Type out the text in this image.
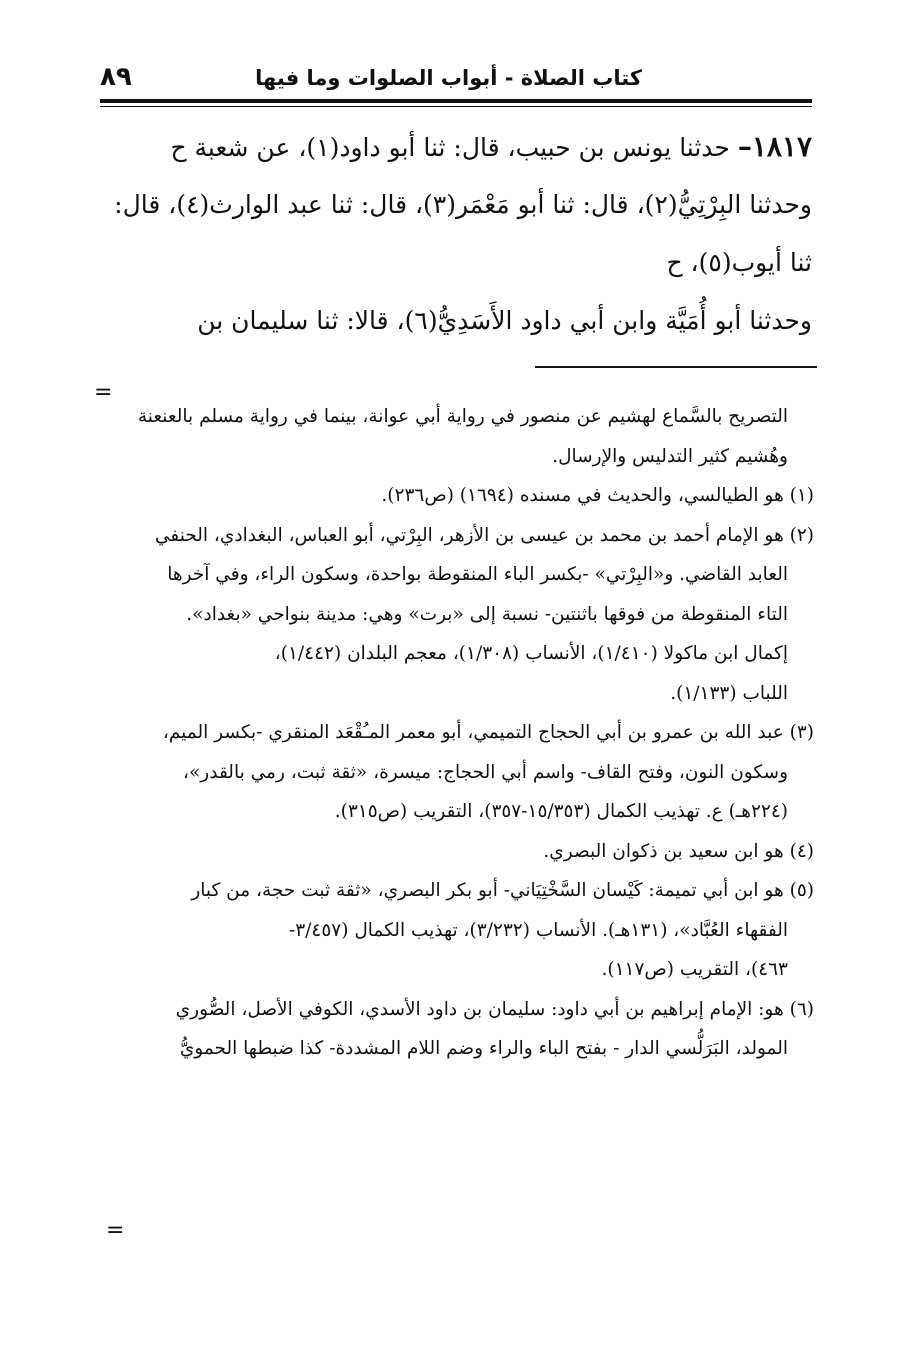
كتاب الصلاة - أبواب الصلوات وما فيها
٨٩
١٨١٧– حدثنا يونس بن حبيب، قال: ثنا أبو داود(١)، عن شعبة ح
وحدثنا البِرْتِيُّ(٢)، قال: ثنا أبو مَعْمَر(٣)، قال: ثنا عبد الوارث(٤)، قال:
ثنا أيوب(٥)، ح
وحدثنا أبو أُمَيَّة وابن أبي داود الأَسَدِيُّ(٦)، قالا: ثنا سليمان بن
=
التصريح بالسَّماع لهشيم عن منصور في رواية أبي عوانة، بينما في رواية مسلم بالعنعنة
وهُشيم كثير التدليس والإرسال.
(١) هو الطيالسي، والحديث في مسنده (١٦٩٤) (ص٢٣٦).
(٢) هو الإمام أحمد بن محمد بن عيسى بن الأزهر، البِرْتي، أبو العباس، البغدادي، الحنفي
العابد القاضي. و«البِرْتي» -بكسر الباء المنقوطة بواحدة، وسكون الراء، وفي آخرها
التاء المنقوطة من فوقها باثنتين- نسبة إلى «برت» وهي: مدينة بنواحي «بغداد».
إكمال ابن ماكولا (١/٤١٠)، الأنساب (١/٣٠٨)، معجم البلدان (١/٤٤٢)،
اللباب (١/١٣٣).
(٣) عبد الله بن عمرو بن أبي الحجاج التميمي، أبو معمر المـُقْعَد المنقري -بكسر الميم،
وسكون النون، وفتح القاف- واسم أبي الحجاج: ميسرة، «ثقة ثبت، رمي بالقدر»،
(٢٢٤هـ) ع. تهذيب الكمال (١٥/٣٥٣-٣٥٧)، التقريب (ص٣١٥).
(٤) هو ابن سعيد بن ذكوان البصري.
(٥) هو ابن أبي تميمة: كَيْسان السَّخْتِيَاني- أبو بكر البصري، «ثقة ثبت حجة، من كبار
الفقهاء العُبَّاد»، (١٣١هـ). الأنساب (٣/٢٣٢)، تهذيب الكمال (٣/٤٥٧-
٤٦٣)، التقريب (ص١١٧).
(٦) هو: الإمام إبراهيم بن أبي داود: سليمان بن داود الأسدي، الكوفي الأصل، الصُّوري
المولد، البَرَلُّسي الدار - بفتح الباء والراء وضم اللام المشددة- كذا ضبطها الحمويُّ
=
